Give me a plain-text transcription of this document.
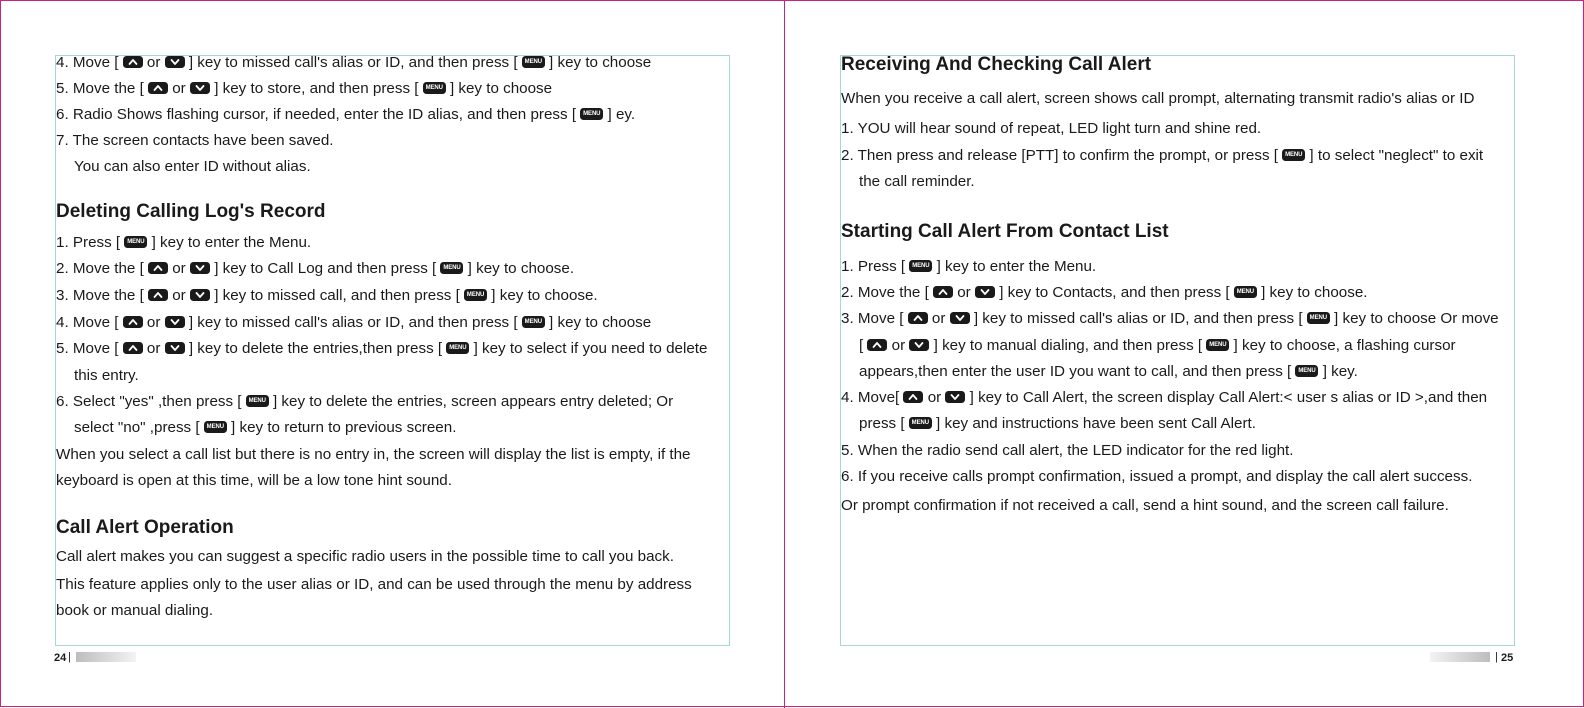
24 |
4. Move [
or
] key to missed call's alias or ID, and then press [ MENU ] key to choose
5. Move the [
or
] key to store, and then press [ MENU ] key to choose
6. Radio Shows flashing cursor, if needed, enter the ID alias, and then press [ MENU ] ey.
7. The screen contacts have been saved.
You can also enter ID without alias.
Deleting Calling Log's Record
1. Press [ MENU ] key to enter the Menu.
2. Move the [
or
] key to Call Log and then press [ MENU ] key to choose.
3. Move the [
or
] key to missed call, and then press [ MENU ] key to choose.
4. Move [
or
] key to missed call's alias or ID, and then press [ MENU ] key to choose
5. Move [
or
] key to delete the entries,then press [ MENU ] key to select if you need to delete
this entry.
6. Select "yes" ,then press [ MENU ] key to delete the entries, screen appears entry deleted; Or
select "no" ,press [ MENU ] key to return to previous screen.
When you select a call list but there is no entry in, the screen will display the list is empty, if the
keyboard is open at this time, will be a low tone hint sound.
Call Alert Operation
Call alert makes you can suggest a specific radio users in the possible time to call you back.
This feature applies only to the user alias or ID, and can be used through the menu by address
book or manual dialing.
| 25
Receiving And Checking Call Alert
When you receive a call alert, screen shows call prompt, alternating transmit radio's alias or ID
1. YOU will hear sound of repeat, LED light turn and shine red.
2. Then press and release [PTT] to confirm the prompt, or press [ MENU ] to select "neglect" to exit
the call reminder.
Starting Call Alert From Contact List
1. Press [ MENU ] key to enter the Menu.
2. Move the [
or
] key to Contacts, and then press [ MENU ] key to choose.
3. Move [
or
] key to missed call's alias or ID, and then press [ MENU ] key to choose Or move
[
or
] key to manual dialing, and then press [ MENU ] key to choose, a flashing cursor
appears,then enter the user ID you want to call, and then press [ MENU ] key.
4. Move[
or
] key to Call Alert, the screen display Call Alert:< user s alias or ID >,and then
press [ MENU ] key and instructions have been sent Call Alert.
5. When the radio send call alert, the LED indicator for the red light.
6. If you receive calls prompt confirmation, issued a prompt, and display the call alert success.
Or prompt confirmation if not received a call, send a hint sound, and the screen call failure.
